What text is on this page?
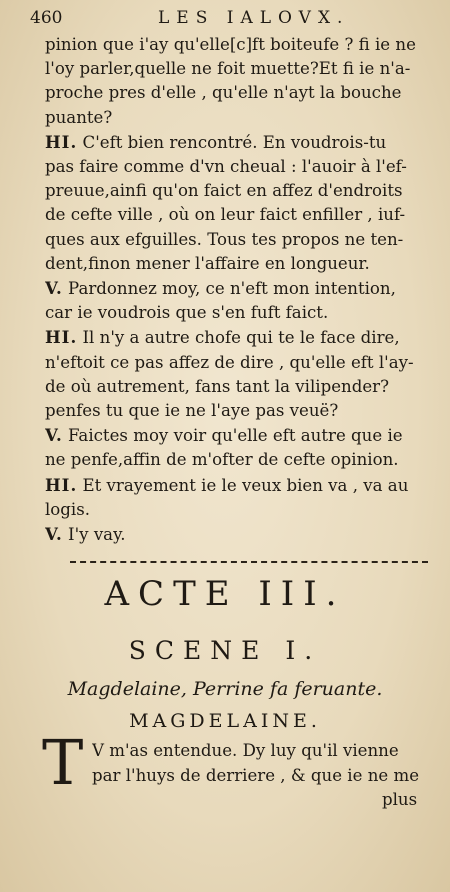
460	LES IALOVX.
pinion que i'ay qu'elle[c]ft boiteufe ? fi ie ne
l'oy parler,quelle ne foit muette?Et fi ie n'a-
proche pres d'elle , qu'elle n'ayt la bouche
puante?
HI. C'eft bien rencontré. En voudrois-tu
pas faire comme d'vn cheual : l'auoir à l'ef-
preuue,ainfi qu'on faict en affez d'endroits
de cefte ville , où on leur faict enfiller , iuf-
ques aux efguilles. Tous tes propos ne ten-
dent,finon mener l'affaire en longueur.
V. Pardonnez moy, ce n'eft mon intention,
car ie voudrois que s'en fuft faict.
HI. Il n'y a autre chofe qui te le face dire,
n'eftoit ce pas affez de dire , qu'elle eft l'ay-
de où autrement, fans tant la vilipender?
penfes tu que ie ne l'aye pas veuë?
V. Faictes moy voir qu'elle eft autre que ie
ne penfe,affin de m'ofter de cefte opinion.
HI. Et vrayement ie le veux bien va , va au
logis.
V. I'y vay.
ACTE III.
SCENE I.
Magdelaine, Perrine fa feruante.
MAGDELAINE.
T V m'as entendue. Dy luy qu'il vienne
par l'huys de derriere , & que ie ne me
plus
